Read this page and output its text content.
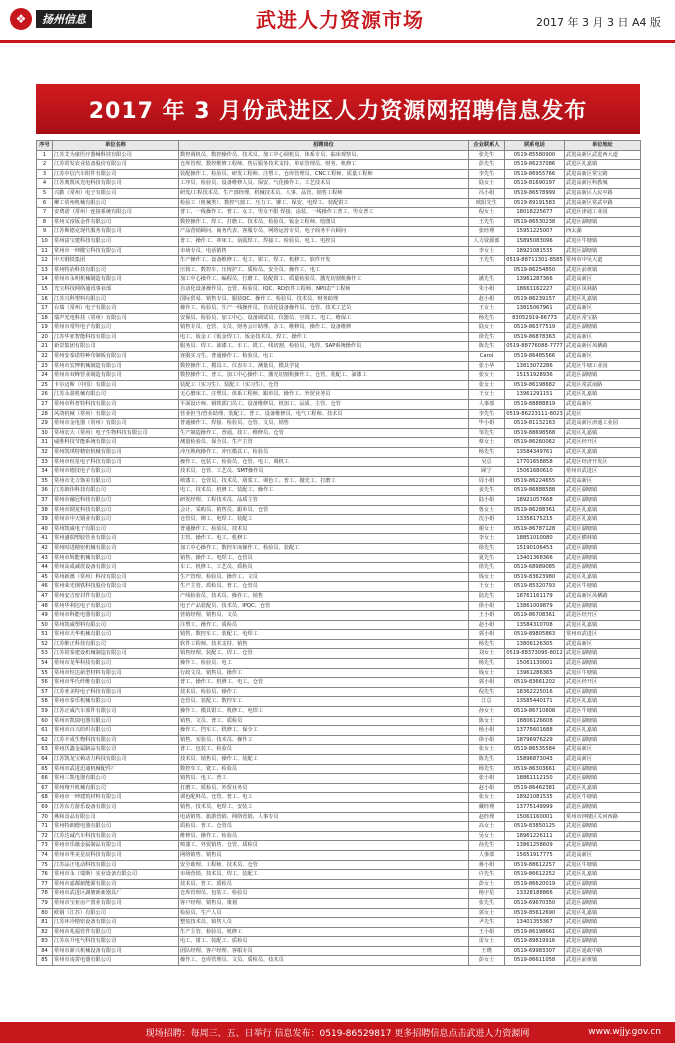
❖	扬州信息	武进人力资源市场	2017 年 3 月 3 日 A4 版
2017 年 3 月份武进区人力资源网招聘信息发布
序号	单位名称	招聘岗位	企业联系人	联系电话	单位地址
1	江苏艾为康医疗器械科技有限公司	数控调机员、数控操作员、技术员、加工中心调机员、体系专员、临床观察员、	张先生	0519-85580900	武进高新区武进西大道
2	江苏常发农业装备股份有限公司	仓库管理、数控维修工程师、售后服务技术支持、单证管理员、财务、机修工	彭先生	0519-86237086	武进区礼嘉镇
3	江苏中信汽车附件有限公司	装配操作工、检验员、研发工程师、注塑工、仓库管理员、CNC工程师、质量工程师	李先生	0519-86955766	武进高新区常宝路
4	江苏奥凯风光电科技有限公司	工序员、检验员、设备维修人员、保安、气化操作工、工艺技术员	陆女士	0519-81690197	武进高新区科教城
5	兴勤（常州）电子有限公司	研发/工程技术员、生产部经理、机械技术员、人事、品管、销售工程师	冯小姐	0519-86578999	武进高新区人民中路
6	柳工常州机械有限公司	检验工（机械类）、数控气割工、压力工、铆工、保安、电焊工、装配钳工	欧阳先生	0519-89191583	武进高新区常武中路
7	安费诺（常州）连接系统有限公司	普工、一线操作工、普工、女工、男女不限 焊接、涂装、一线操作工普工、男女普工	倪女士	18018225677	武进区津通工业园
8	常州义淳钣金件有限公司	数控操作工、焊工、打磨工、技术员、检验员、钣金工程师、绘图员	王先生	0519-86530238	武进区湖塘镇
9	江苏斯德克现代服务有限公司	产品营销顾问、商务代表、客服专员、网络运营专员、电子商务平台顾问	张经理	15951225007	西太湖
10	常州富宝建科技有限公司	普工、操作工、冲床工、氩弧焊工、焊接工、检验员、电工、电控员	人力资源部	15895083096	武进区牛塘镇
11	常州市一坤酸宝科技有限公司	市场专员、电话销售	李女士	18921081535	武进区湖塘镇
12	中天钢铁集团	生产操作工、设备维修工、电工、钳工、焊工、机修工、软件开发	王先生	0519-88711301-8585	常州市中吴大道
13	常州特冶科技有限公司	压铸工、数控车、压铸护工、质检员、安全员、操作工、电工		0519-86254850	武进区前黄镇
14	常州市永明机械制造有限公司	加工中心操作工、编程员、打磨工、装配钳工、质量检验员、激光切割机操作工	潘先生	13961287366	武进高新区
15	光宝科技网络通讯事业部	自动化设备操作员、仓管、检验员、IQC、RD软件工程师、NPI试产工程师	朱小姐	18661162227	武进区凤林路
16	江苏兴科塑料有限公司	国际贸易、销售专员、服装QC、操作工、检验员、技术员、财务助理	赵小姐	0519-86239157	武进区礼嘉镇
17	台瑞（常州）电子有限公司	操作工、检验员、生产一线操作员、自动化设备操作员、仓管、技术工艺员	王女士	13815067961	武进高新区
18	瑞声光电科技（常州）有限公司	安保员、检验员、加工中心、设备调试员、仪器员、空调工、电工、维保工	杨先生	83052919-86773	武进区常宝路
19	常州市常羚电子有限公司	销售专员、仓管、文员、财务会计助理、杂工、维修员、操作工、设备维修	陆女士	0519-86377519	武进区湖塘镇
20	江苏华亚智能科技有限公司	电工、钣金工（钣金焊工）、钣金技术员、焊工、操作工	徐先生	0519-86878363	武进高新区
21	新景集团有限公司	服务员、焊工、油漆工、车工、铣工、线切割、检验员、电焊、SAP系统操作员	陈先生	0519-88776088-7777	武进高新区凤栖路
22	常州安泰诺特种印制板有限公司	客服实习生、普通操作工、检验员、电工	Carol	0519-86485566	武进高新区
23	常州市宏博机械制造有限公司	数控操作工、模具工、仪表车工、测量员、模具学徒	张小华	13813072286	武进区牛塘工业园
24	常州市双峰管业制造有限公司	数控操作工、普工、加工中心操作工、激光切割机操作工、仓管、装配工、油漆工	张女士	15151928936	武进区湖塘镇
25	卡尔迈斯（中国）有限公司	装配工（实习生）、装配工（实习生）、仓管	张女士	0519-86198682	武进区常武南路
26	江苏永盈机械有限公司	无心磨床工、注塑员、体系工程师、跟单员、操作工、外贸业务员	王女士	13961291151	武进区礼嘉镇
27	常州市科普特科技有限公司	平面设计师、钢铁部门员工、设备维修员、机加工、品质、主管、仓管	人事部	0519-88888819	武进高新区
28	风鸽机械（常州）有限公司	营业担当/营业助理、装配工、普工、设备维修员、电气工程师、技术员	李先生	0519-86223111-8023	武进区
29	常州市金电器（常州）有限公司	普通操作工、焊接、检验员、仓管、文员、销售	毕小姐	0519-81132163	武进高新区津通工业园
30	常州宏大（常州）电子生物科技有限公司	生产制造操作工、普通、技工、维修员、仓管	邹先生	0519-88698568	武进区礼嘉镇
31	威胜科技节能系统有限公司	测量检验员、保全员、生产主管	蔡女士	0519-86260062	武进区经开区
32	常州凯琪特精密机械有限公司	冲压熟练操作工、冲压模具工、检验员	杨先生	13584349761	武进区礼嘉镇
33	常州市恒星电子科技有限公司	操作工、包装工、检验员、仓管、电工、调机工	吴总	17701658858	武进区经济开发区
34	常州市德技电子有限公司	技术员、仓管、工艺员、SMT操作员	顾宁	15061680610	常州市武进区
35	常州市先力饰美有限公司	喷漆工、仓管员、技术员、刮浆工、调色工、普工、抛光工、打磨工	周小姐	0519-86224655	武进高新区
36	江苏朗伟科技有限公司	电工、技术员、机修工、装配工、操作工	姜先生	0519-86888588	武进区湖塘镇
37	常州市融冠科技有限公司	研发经理、工程技术员、品质主管	陆小姐	18921057668	武进区湖塘镇
38	常州市钢龙科技有限公司	会计、采购员、销售员、跟单员、仓管	鲁女士	0519-86288361	武进区礼嘉镇
39	常州市中天钢业有限公司	仓管员、铆工、电焊工、装配工	沈小姐	13358175215	武进区礼嘉镇
40	常州凯威电子有限公司	普通操作工、检验员、技术员	谢女士	0519-86787128	武进区湖塘镇
41	常州盛瑞塑胶管业有限公司	主管、操作工、电工、机修工	李女士	18851010080	武进区横林镇
42	常州时进精密机械有限公司	加工中心操作工、数控车床操作工、检验员、装配工	徐先生	15190106453	武进区湖塘镇
43	常州市辉能机械有限公司	销售、操作工、电焊工、仓管员	夏先生	13401368366	武进区湖塘镇
44	常州高成减震设备有限公司	车工、机修工、工艺员、质检员	徐先生	0519-68989085	武进区湖塘镇
45	常州新澳（常州）科技有限公司	生产管理、检验员、操作工、文员	钱女士	0519-83623980	武进区礼嘉镇
46	常州荣光钢铁科技股份有限公司	生产主管、质检员、普工、仓管员	王女士	0519-85320793	武进区牛塘镇
47	常州安吉密封件有限公司	产线检验员、技术员、操作工、销售	陆先生	18761161179	武进高新区凤栖路
48	常州华利达电子有限公司	电子产品装配员、技术员、IPQC、仓管	徐小姐	13861009879	武进区湖塘镇
49	常州市科能电器有限公司	营销经理、销售员、文员	王小姐	0519-86708361	武进区经开区
50	常州凯威塑料有限公司	注塑工、操作工、质检员	赵小姐	13584310708	武进区礼嘉镇
51	常州市天华机械有限公司	销售、数控车工、装配工、电焊工	郭小姐	0519-89805863	常州市武进区
52	江苏维正科技有限公司	软件工程师、技术支持、销售	杨先生	13806126305	武进高新区
53	江苏常泰建设机械制造有限公司	销售经理、装配工、焊工、仓管	刘女士	0519-88373095-8012	武进区湖塘镇
54	常州市龙华科技有限公司	操作工、检验员、电工	杨先生	15061130001	武进区湖塘镇
55	常州市恒达新型材料有限公司	行政文员、销售员、操作工	钱女士	13961286365	武进区牛塘镇
56	常州市华氏纤维有限公司	普工、操作工、机修工、电工、仓管	郭小姐	0519-83661202	武进区经开区
57	江苏亚美特电子科技有限公司	技术员、检验员、操作工	倪先生	18362225016	武进区湖塘镇
58	常州市泰乐机械有限公司	仓管员、装配工、数控车工	江总	13585440171	武进区礼嘉镇
59	江苏正威汽车部件有限公司	操作工、模具钳工、机修工、电焊工	孙女士	0519-86710808	武进区牛塘镇
60	常州市凯瑞电器有限公司	销售、文员、普工、质检员	陈女士	18806126608	武进区湖塘镇
61	常州市百兴纺织有限公司	操作工、挡车工、机修工、保全工	杨小姐	13775601688	武进区礼嘉镇
62	江苏丰成生物科技有限公司	销售、实验员、技术员、操作工	徐小姐	18796976229	武进区湖塘镇
63	常州沃鑫金属制品有限公司	普工、包装工、检验员	张女士	0519-86535584	武进高新区
64	江苏凯龙宝顿动力科技有限公司	技术员、销售员、操作工、装配工	陈先生	15896873043	武进高新区
65	常州市武进迅通机械配件厂	数控车工、铣工、检验员	杨先生	0519-86303661	武进区湖塘镇
66	常州三凯电器有限公司	销售员、电工、普工	张小姐	18861112150	武进区湖塘镇
67	常州翔升机械有限公司	打磨工、质检员、外贸业务员	赵小姐	0519-86462381	武进区礼嘉镇
68	常州市一坤建筑材料有限公司	调色配料员、仓管、普工、电工	张女士	18921081535	武进区牛塘镇
69	江苏东方游乐设备有限公司	销售、技术员、电焊工、安装工	戴经理	13775149999	武进区湖塘镇
70	燕和食品有限公司	电话销售、旅游营销、网络营销、人事专员	赵经理	15061160001	常州市钟楼区关河西路
71	常州特朗德电器有限公司	质检员、普工、仓管员	高女士	0519-83850125	武进区湖塘镇
72	江苏达诚汽车科技有限公司	维修员、操作工、检验员	吴女士	18961226111	武进区湖塘镇
73	常州市乐薇金属制品有限公司	喷漆工、外贸销售、仓管、质检员	孙先生	13861258609	武进区湖塘镇
74	常州市华美星辰科技有限公司	网络销售、销售员	人事部	15651917775	武进高新区
75	江苏品正电动科技有限公司	安全助理、工程师、技术员、仓管	蒋小姐	0519-88612257	武进区牛塘镇
76	常州市永（瑞斯）实业设备有限公司	市场营销、技术员、焊工、装配工	许先生	0519-86612252	武进区礼嘉镇
77	常州市嘉都新能源有限公司	技术员、普工、质检员	彭女士	0519-86620019	武进区湖塘镇
78	常州市武进区湖塘新新器具厂	仓库管理员、包装工、检验员	杨宇星	13328188866	武进区湖塘镇
79	常州市宝亚房产置业有限公司	客户经理、销售员、策划	张先生	0519-69670350	武进区湖塘镇
80	欧钢（江苏）有限公司	检验员、生产人员	郭女士	0519-85612690	武进区礼嘉镇
81	江苏环冷精密设备有限公司	整装技术员、销售人员	尹先生	13401355367	武进区湖塘镇
82	常州市兆福管件有限公司	生产主管、检验员、机修工	王小姐	0519-86198661	武进区湖塘镇
83	江苏东升电气科技有限公司	电工、钳工、装配工、质检员	雷女士	0519-89819916	武进区湖塘镇
84	常州市新兴机械设备有限公司	团队经理、客户经理、客服专员	王晓	0519-69983307	武进区延政中路
85	常州市凌霄电器有限公司	操作工、仓库管理员、文员、质检员、技术员	彭女士	0519-86611058	武进区前黄镇
现场招聘：每周三、五、日举行 信息发布：0519-86529817 更多招聘信息点击武进人力资源网	www.wjjy.gov.cn
